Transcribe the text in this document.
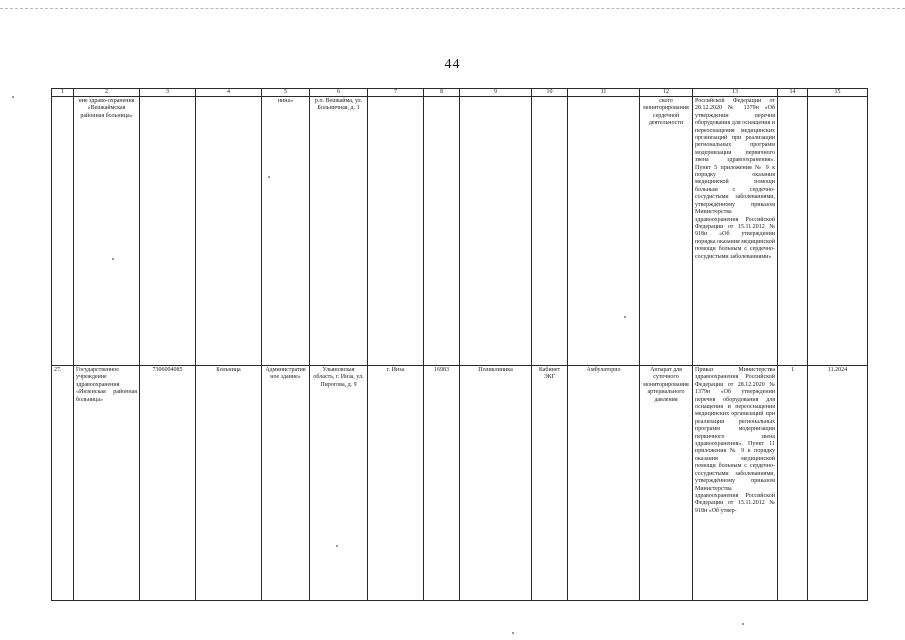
44
1	2	3	4	5	6	7	8	9	10	11	12	13	14	15
	ние здраво-охранения «Вешкаймская районная больница»			нина»	р.п. Вешкайма, ул. Больничная, д. 1						ского мониторирования сердечной деятельности	Российской Федерации от 28.12.2020 № 1379н «Об утверждении перечня оборудования для оснащения и переоснащения медицинских организаций при реализации региональных программ модернизации первичного звена здравоохранения». Пункт 5 приложения № 9 к порядку оказания медицинской помощи больным с сердечно-сосудистыми заболеваниями, утверждённому приказом Министерства здравоохранения Российской Федерации от 15.11.2012 № 918н «Об утверждении порядка оказания медицинской помощи больным с сердечно-сосудистыми заболеваниями»		
27.	Государственное учреждение здравоохранения «Инзенская районная больница»	7306004085	Больница	Административное здание»	Ульяновская область, г. Инза, ул. Пирогова, д. 9	г. Инза	16983	Поликлиника	Кабинет ЭКГ	Амбулаторно	Аппарат для суточного мониторирования артериального давления	Приказ Министерства здравоохранения Российской Федерации от 28.12.2020 № 1379н «Об утверждении перечня оборудования для оснащения и переоснащения медицинских организаций при реализации региональных программ модернизации первичного звена здравоохранения». Пункт 11 приложения № 9 к порядку оказания медицинской помощи больным с сердечно-сосудистыми заболеваниями, утверждённому приказом Министерства здравоохранения Российской Федерации от 15.11.2012 № 918н «Об утвер-	1	11.2024
